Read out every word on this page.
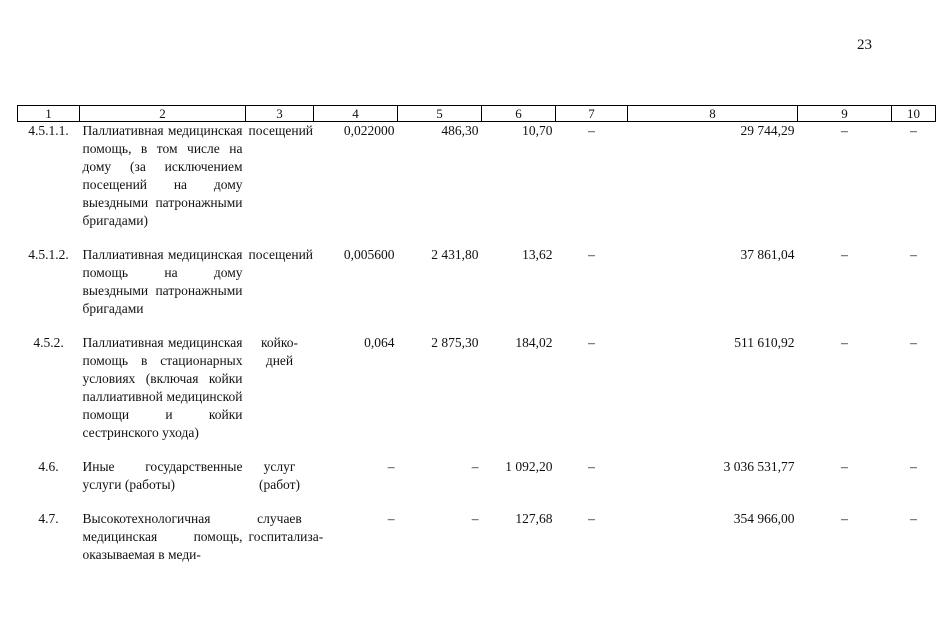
23
1	2	3	4	5	6	7	8	9	10
4.5.1.1.	Паллиативная медицинская помощь, в том числе на дому (за исключением посещений на дому выездными патронажными бригадами)	посещений	0,022000	486,30	10,70	–	29 744,29	–	–

4.5.1.2.	Паллиативная медицинская помощь на дому выездными патронажными бригадами	посещений	0,005600	2 431,80	13,62	–	37 861,04	–	–

4.5.2.	Паллиативная медицинская помощь в стационарных условиях (включая койки паллиативной медицинской помощи и койки сестринского ухода)	койко-дней	0,064	2 875,30	184,02	–	511 610,92	–	–

4.6.	Иные государственные услуги (работы)	услуг (работ)	–	–	1 092,20	–	3 036 531,77	–	–

4.7.	Высокотехнологичная медицинская помощь, оказываемая в меди-	случаев госпитализа-	–	–	127,68	–	354 966,00	–	–
